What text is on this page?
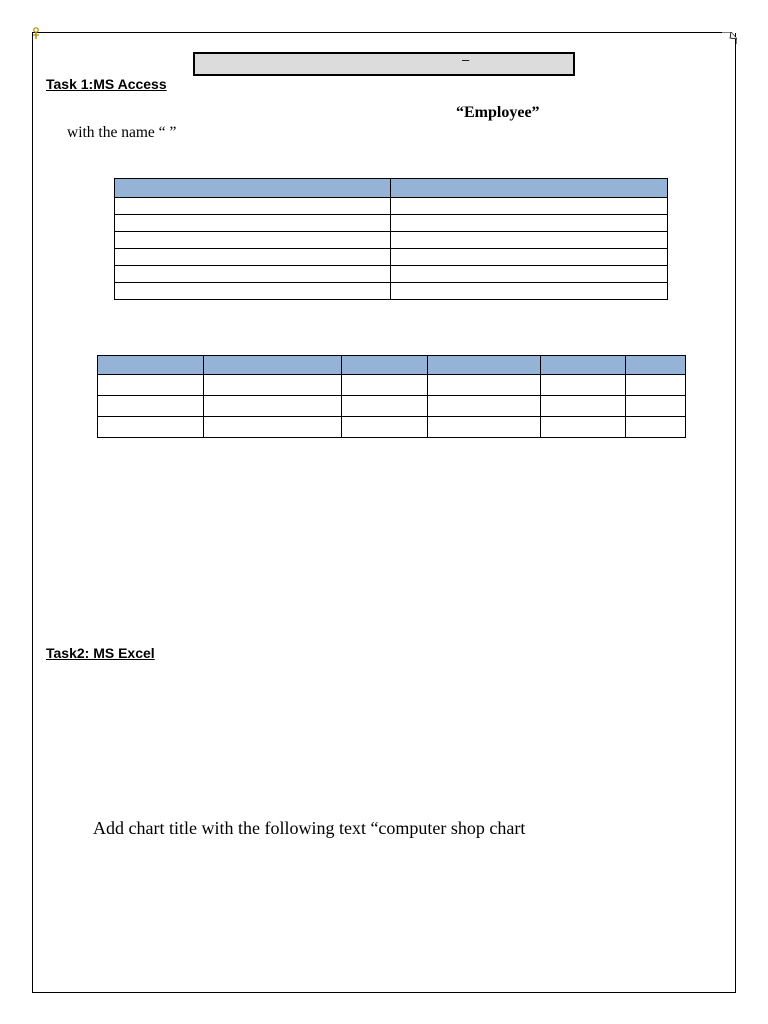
–
Task 1:MS Access
“Employee”
with the name “ ”

Task2: MS Excel
Add chart title with the following text “computer shop chart
